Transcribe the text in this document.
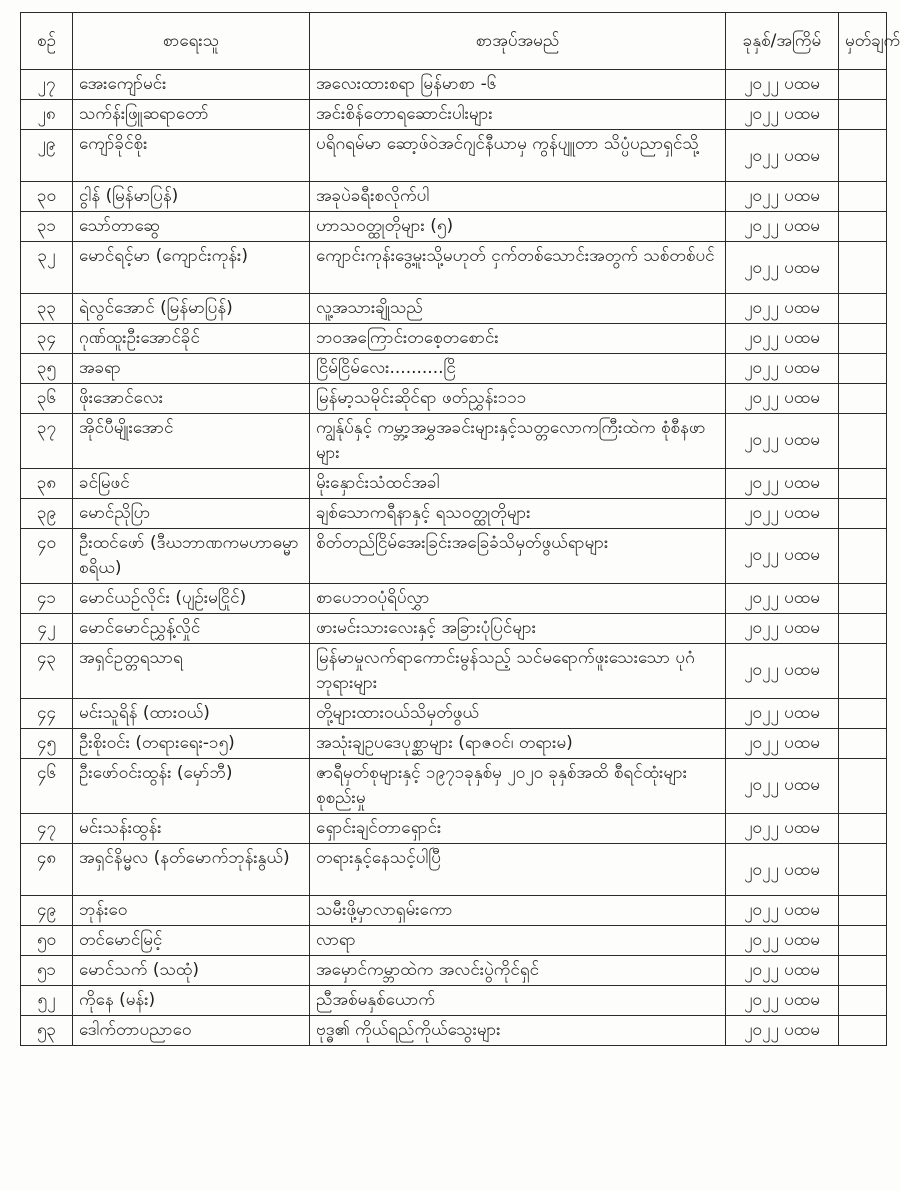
စဉ်	စာရေးသူ	စာအုပ်အမည်	ခုနှစ်/အကြိမ်	မှတ်ချက်
၂၇	အေးကျော်မင်း	အလေးထားစရာ မြန်မာစာ -၆	၂၀၂၂ ပထမ	
၂၈	သက်န်းဖြူဆရာတော်	အင်းစိန်တောရဆောင်းပါးများ	၂၀၂၂ ပထမ	
၂၉	ကျော်ခိုင်စိုး	ပရိဂရမ်မာ ဆော့ဖ်ဝဲအင်ဂျင်နီယာမှ ကွန်ပျူတာ သိပ္ပံပညာရှင်သို့	၂၀၂၂ ပထမ	
၃၀	ငွါန် (မြန်မာပြန်)	အခုပဲခရီးစလိုက်ပါ	၂၀၂၂ ပထမ	
၃၁	သော်တာဆွေ	ဟာသဝတ္ထုတိုများ (၅)	၂၀၂၂ ပထမ	
၃၂	မောင်ရင့်မာ (ကျောင်းကုန်း)	ကျောင်းကုန်းဒွေ့မူးသို့မဟုတ် ငှက်တစ်သောင်းအတွက် သစ်တစ်ပင်	၂၀၂၂ ပထမ	
၃၃	ရဲလွင်အောင် (မြန်မာပြန်)	လူ့အသားချိုသည်	၂၀၂၂ ပထမ	
၃၄	ဂုဏ်ထူးဦးအောင်ခိုင်	ဘဝအကြောင်းတစေ့တစောင်း	၂၀၂၂ ပထမ	
၃၅	အခရာ	ငြိမ်ငြိမ်လေး..........ငြိ	၂၀၂၂ ပထမ	
၃၆	ဖိုးအောင်လေး	မြန်မာ့သမိုင်းဆိုင်ရာ ဖတ်ညွှန်း၁၁၁	၂၀၂၂ ပထမ	
၃၇	အိုင်ပီမျိုးအောင်	ကျွန်ုပ်နှင့် ကမ္ဘာ့အမွှအခင်းများနှင့်သတ္တလောကကြီးထဲက စုံစီနဖာများ	၂၀၂၂ ပထမ	
၃၈	ခင်မြဖင်	မိုးနှောင်းသံထင်အခါ	၂၀၂၂ ပထမ	
၃၉	မောင်ညိုပြာ	ချစ်သောကရီနာနှင့် ရသဝတ္ထုတိုများ	၂၀၂၂ ပထမ	
၄၀	ဦးထင်ဖော် (ဒီဃဘာဏကမဟာဓမ္မာစရိယ)	စိတ်တည်ငြိမ်အေးခြင်းအခြေခံသိမှတ်ဖွယ်ရာများ	၂၀၂၂ ပထမ	
၄၁	မောင်ယဉ်လိုင်း (ပျဉ်းမငြိုင်)	စာပေဘဝပုံရိပ်လွှာ	၂၀၂၂ ပထမ	
၄၂	မောင်မောင်ညွှန့်လှိုင်	ဖားမင်းသားလေးနှင့် အခြားပုံပြင်များ	၂၀၂၂ ပထမ	
၄၃	အရှင်ဥတ္တရသာရ	မြန်မာမှုလက်ရာကောင်းမွန်သည့် သင်မရောက်ဖူးသေးသော ပုဂံဘုရားများ	၂၀၂၂ ပထမ	
၄၄	မင်းသူရိန် (ထားဝယ်)	တို့များထားဝယ်သိမှတ်ဖွယ်	၂၀၂၂ ပထမ	
၄၅	ဦးစိုးဝင်း (တရားရေး-၁၅)	အသုံးချဥပဒေပုစ္ဆာများ (ရာဇဝင်၊ တရားမ)	၂၀၂၂ ပထမ	
၄၆	ဦးဖော်ဝင်းထွန်း (မှော်ဘီ)	ဇာရီမှတ်စုများနှင့် ၁၉၇၁ခုနှစ်မှ ၂၀၂၀ ခုနှစ်အထိ စီရင်ထုံးများစုစည်းမှု	၂၀၂၂ ပထမ	
၄၇	မင်းသန်းထွန်း	ရှောင်းချင်တာရှောင်း	၂၀၂၂ ပထမ	
၄၈	အရှင်နိမ္မလ (နတ်မောက်ဘုန်းနွယ်)	တရားနှင့်နေသင့်ပါပြီ	၂၀၂၂ ပထမ	
၄၉	ဘုန်းဝေ	သမီးဖို့မှာလာရှမ်းကော	၂၀၂၂ ပထမ	
၅၀	တင်မောင်မြင့်	လာရာ	၂၀၂၂ ပထမ	
၅၁	မောင်သက် (သထုံ)	အမှောင်ကမ္ဘာထဲက အလင်းပွဲကိုင်ရှင်	၂၀၂၂ ပထမ	
၅၂	ကိုနေ (မန်း)	ညီအစ်မနှစ်ယောက်	၂၀၂၂ ပထမ	
၅၃	ဒေါက်တာပညာဝေ	ဗုဒ္ဓ၏ ကိုယ်ရည်ကိုယ်သွေးများ	၂၀၂၂ ပထမ	
